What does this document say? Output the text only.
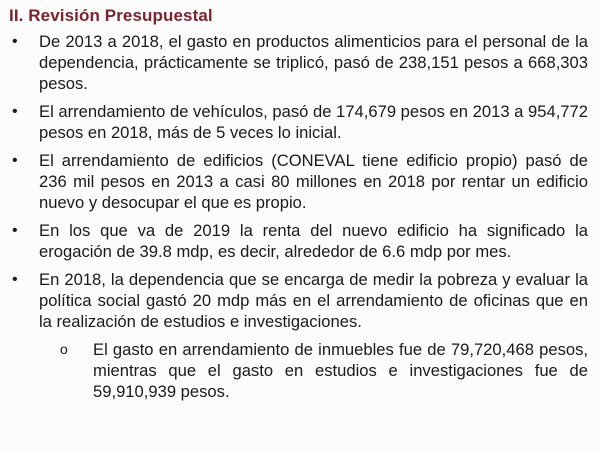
II. Revisión Presupuestal
• De 2013 a 2018, el gasto en productos alimenticios para el personal de la dependencia, prácticamente se triplicó, pasó de 238,151 pesos a 668,303 pesos.
• El arrendamiento de vehículos, pasó de 174,679 pesos en 2013 a 954,772 pesos en 2018, más de 5 veces lo inicial.
• El arrendamiento de edificios (CONEVAL tiene edificio propio) pasó de 236 mil pesos en 2013 a casi 80 millones en 2018 por rentar un edificio nuevo y desocupar el que es propio.
• En los que va de 2019 la renta del nuevo edificio ha significado la erogación de 39.8 mdp, es decir, alrededor de 6.6 mdp por mes.
• En 2018, la dependencia que se encarga de medir la pobreza y evaluar la política social gastó 20 mdp más en el arrendamiento de oficinas que en la realización de estudios e investigaciones.
o El gasto en arrendamiento de inmuebles fue de 79,720,468 pesos, mientras que el gasto en estudios e investigaciones fue de 59,910,939 pesos.
